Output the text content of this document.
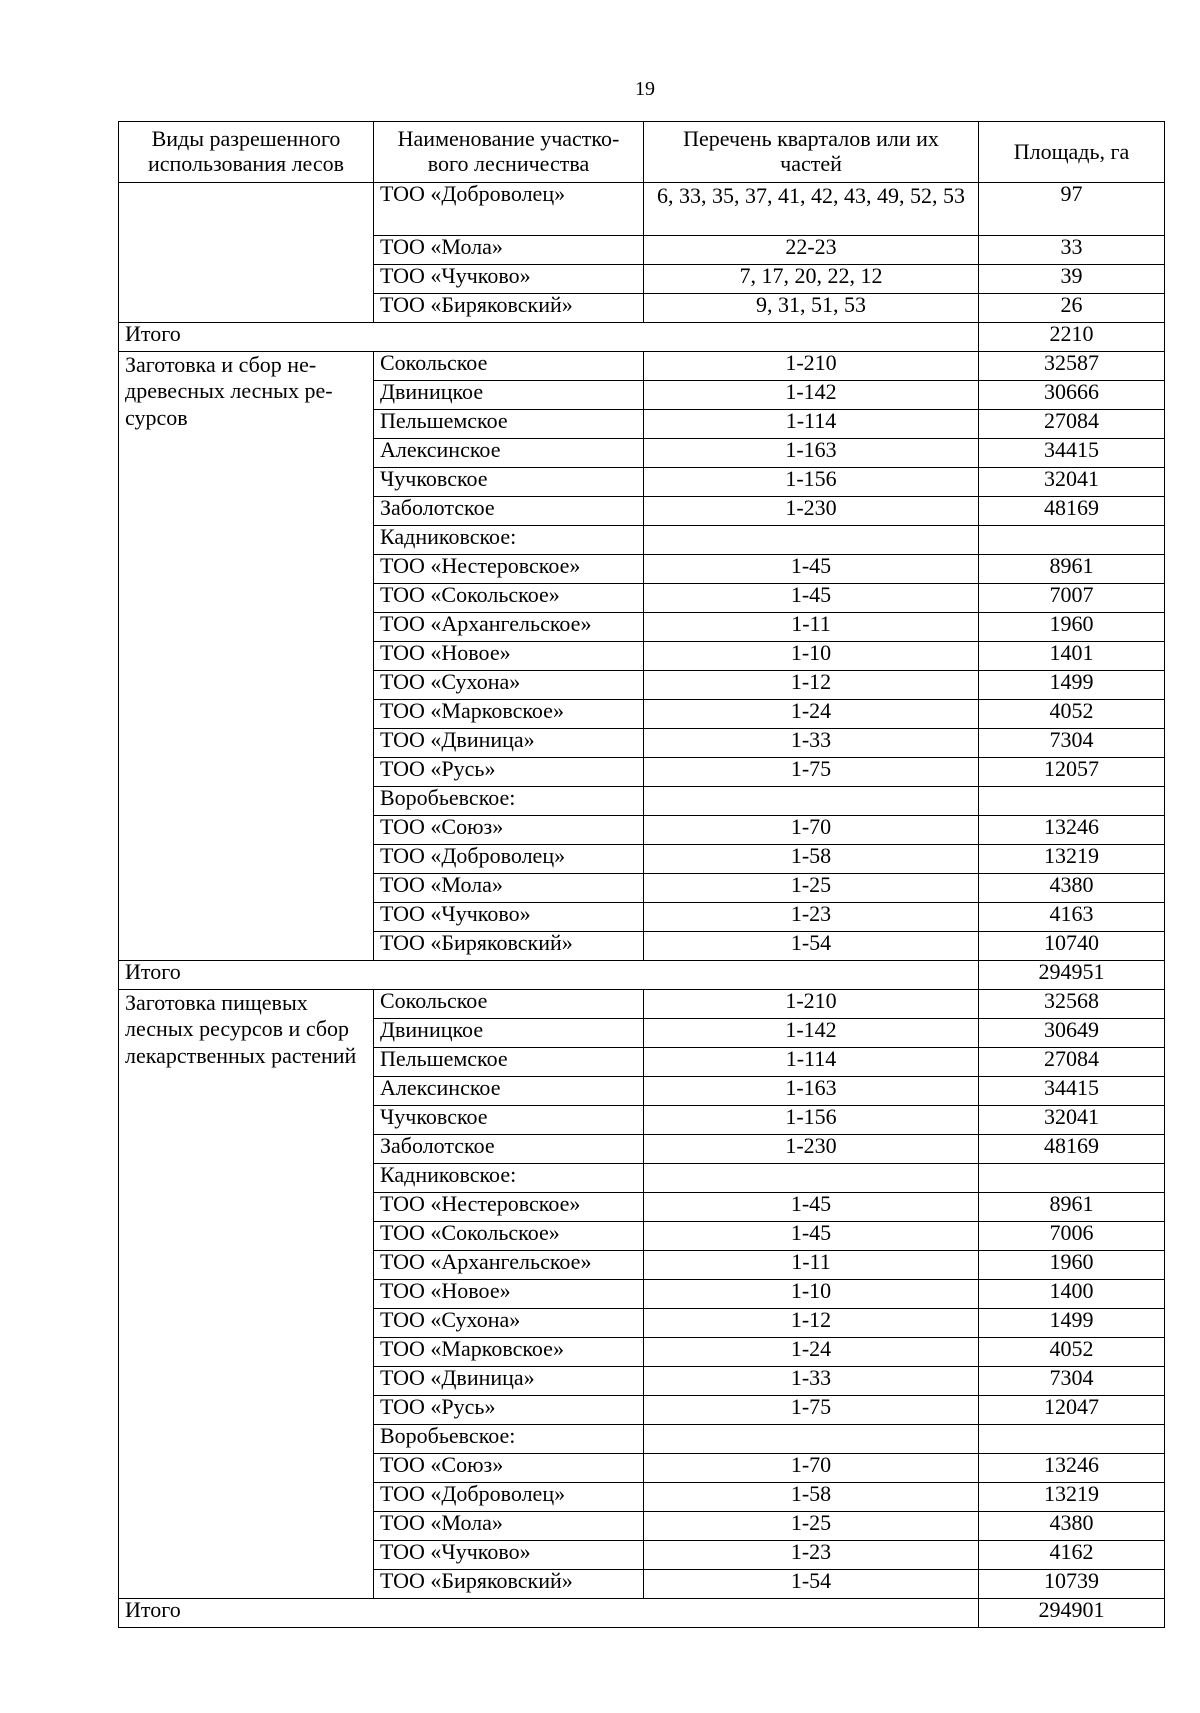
19
Виды разрешенного использования лесов	Наименование участко-вого лесничества	Перечень кварталов или их частей	Площадь, га
	ТОО «Доброволец»	6, 33, 35, 37, 41, 42, 43, 49, 52, 53	97
	ТОО «Мола»	22-23	33
	ТОО «Чучково»	7, 17, 20, 22, 12	39
	ТОО «Биряковский»	9, 31, 51, 53	26
Итого			2210
Заготовка и сбор не-древесных лесных ре-сурсов	Сокольское	1-210	32587
	Двиницкое	1-142	30666
	Пельшемское	1-114	27084
	Алексинское	1-163	34415
	Чучковское	1-156	32041
	Заболотское	1-230	48169
	Кадниковское:		
	ТОО «Нестеровское»	1-45	8961
	ТОО «Сокольское»	1-45	7007
	ТОО «Архангельское»	1-11	1960
	ТОО «Новое»	1-10	1401
	ТОО «Сухона»	1-12	1499
	ТОО «Марковское»	1-24	4052
	ТОО «Двиница»	1-33	7304
	ТОО «Русь»	1-75	12057
	Воробьевское:		
	ТОО «Союз»	1-70	13246
	ТОО «Доброволец»	1-58	13219
	ТОО «Мола»	1-25	4380
	ТОО «Чучково»	1-23	4163
	ТОО «Биряковский»	1-54	10740
Итого			294951
Заготовка пищевых лесных ресурсов и сбор лекарственных растений	Сокольское	1-210	32568
	Двиницкое	1-142	30649
	Пельшемское	1-114	27084
	Алексинское	1-163	34415
	Чучковское	1-156	32041
	Заболотское	1-230	48169
	Кадниковское:		
	ТОО «Нестеровское»	1-45	8961
	ТОО «Сокольское»	1-45	7006
	ТОО «Архангельское»	1-11	1960
	ТОО «Новое»	1-10	1400
	ТОО «Сухона»	1-12	1499
	ТОО «Марковское»	1-24	4052
	ТОО «Двиница»	1-33	7304
	ТОО «Русь»	1-75	12047
	Воробьевское:		
	ТОО «Союз»	1-70	13246
	ТОО «Доброволец»	1-58	13219
	ТОО «Мола»	1-25	4380
	ТОО «Чучково»	1-23	4162
	ТОО «Биряковский»	1-54	10739
Итого			294901
